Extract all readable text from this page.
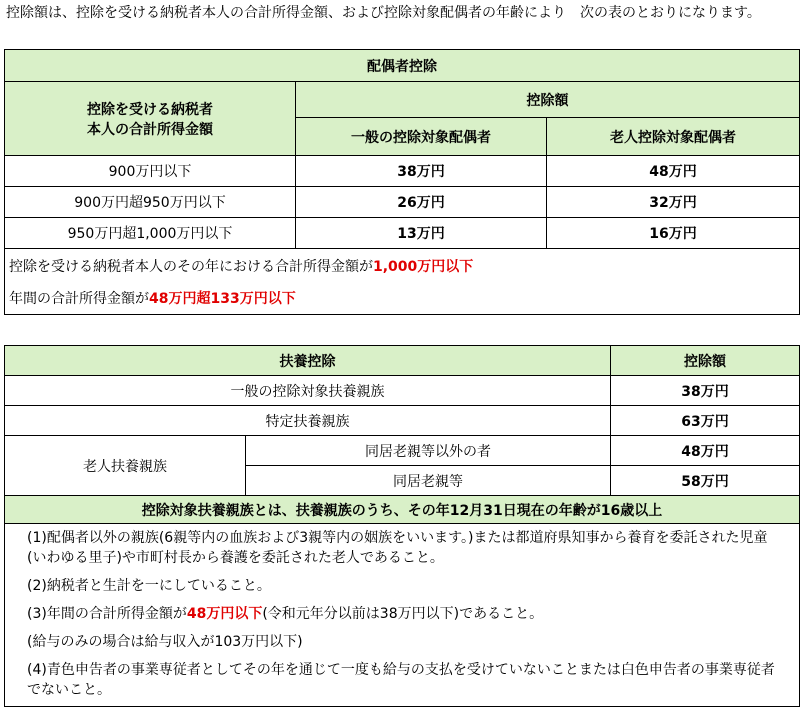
控除額は、控除を受ける納税者本人の合計所得金額、および控除対象配偶者の年齢により　次の表のとおりになります。
配偶者控除		

控除を受ける納税者
本人の合計所得金額	控除額	
	一般の控除対象配偶者	老人控除対象配偶者
900万円以下	38万円	48万円
900万円超950万円以下	26万円	32万円
950万円超1,000万円以下	13万円	16万円

控除を受ける納税者本人のその年における合計所得金額が1,000万円以下
年間の合計所得金額が48万円超133万円以下		
扶養控除		控除額
一般の控除対象扶養親族		38万円
特定扶養親族		63万円
老人扶養親族	同居老親等以外の者	48万円
	同居老親等	58万円
控除対象扶養親族とは、扶養親族のうち、その年12月31日現在の年齢が16歳以上		

(1)配偶者以外の親族(6親等内の血族および3親等内の姻族をいいます。)または都道府県知事から養育を委託された児童(いわゆる里子)や市町村長から養護を委託された老人であること。

(2)納税者と生計を一にしていること。

(3)年間の合計所得金額が48万円以下(令和元年分以前は38万円以下)であること。

(給与のみの場合は給与収入が103万円以下)

(4)青色申告者の事業専従者としてその年を通じて一度も給与の支払を受けていないことまたは白色申告者の事業専従者でないこと。		
